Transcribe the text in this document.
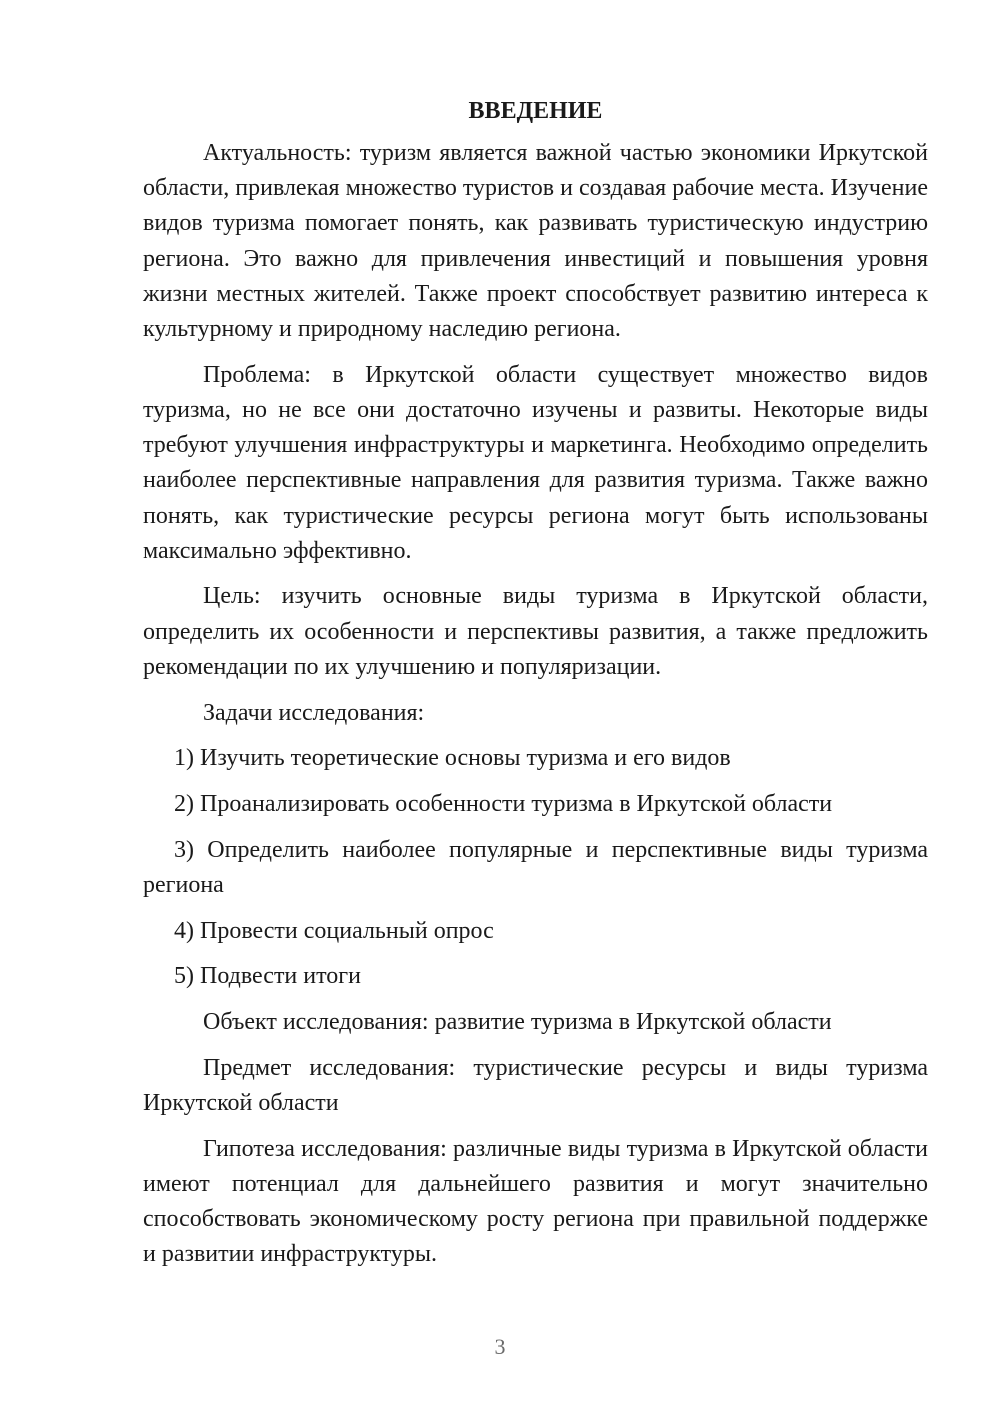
ВВЕДЕНИЕ

Актуальность: туризм является важной частью экономики Иркутской области, привлекая множество туристов и создавая рабочие места. Изучение видов туризма помогает понять, как развивать туристическую индустрию региона. Это важно для привлечения инвестиций и повышения уровня жизни местных жителей. Также проект способствует развитию интереса к культурному и природному наследию региона.

Проблема: в Иркутской области существует множество видов туризма, но не все они достаточно изучены и развиты. Некоторые виды требуют улучшения инфраструктуры и маркетинга. Необходимо определить наиболее перспективные направления для развития туризма. Также важно понять, как туристические ресурсы региона могут быть использованы максимально эффективно.

Цель: изучить основные виды туризма в Иркутской области, определить их особенности и перспективы развития, а также предложить рекомендации по их улучшению и популяризации.

Задачи исследования:

1) Изучить теоретические основы туризма и его видов

2) Проанализировать особенности туризма в Иркутской области

3) Определить наиболее популярные и перспективные виды туризма региона

4) Провести социальный опрос

5) Подвести итоги

Объект исследования: развитие туризма в Иркутской области

Предмет исследования: туристические ресурсы и виды туризма Иркутской области

Гипотеза исследования: различные виды туризма в Иркутской области имеют потенциал для дальнейшего развития и могут значительно способствовать экономическому росту региона при правильной поддержке и развитии инфраструктуры.

3
